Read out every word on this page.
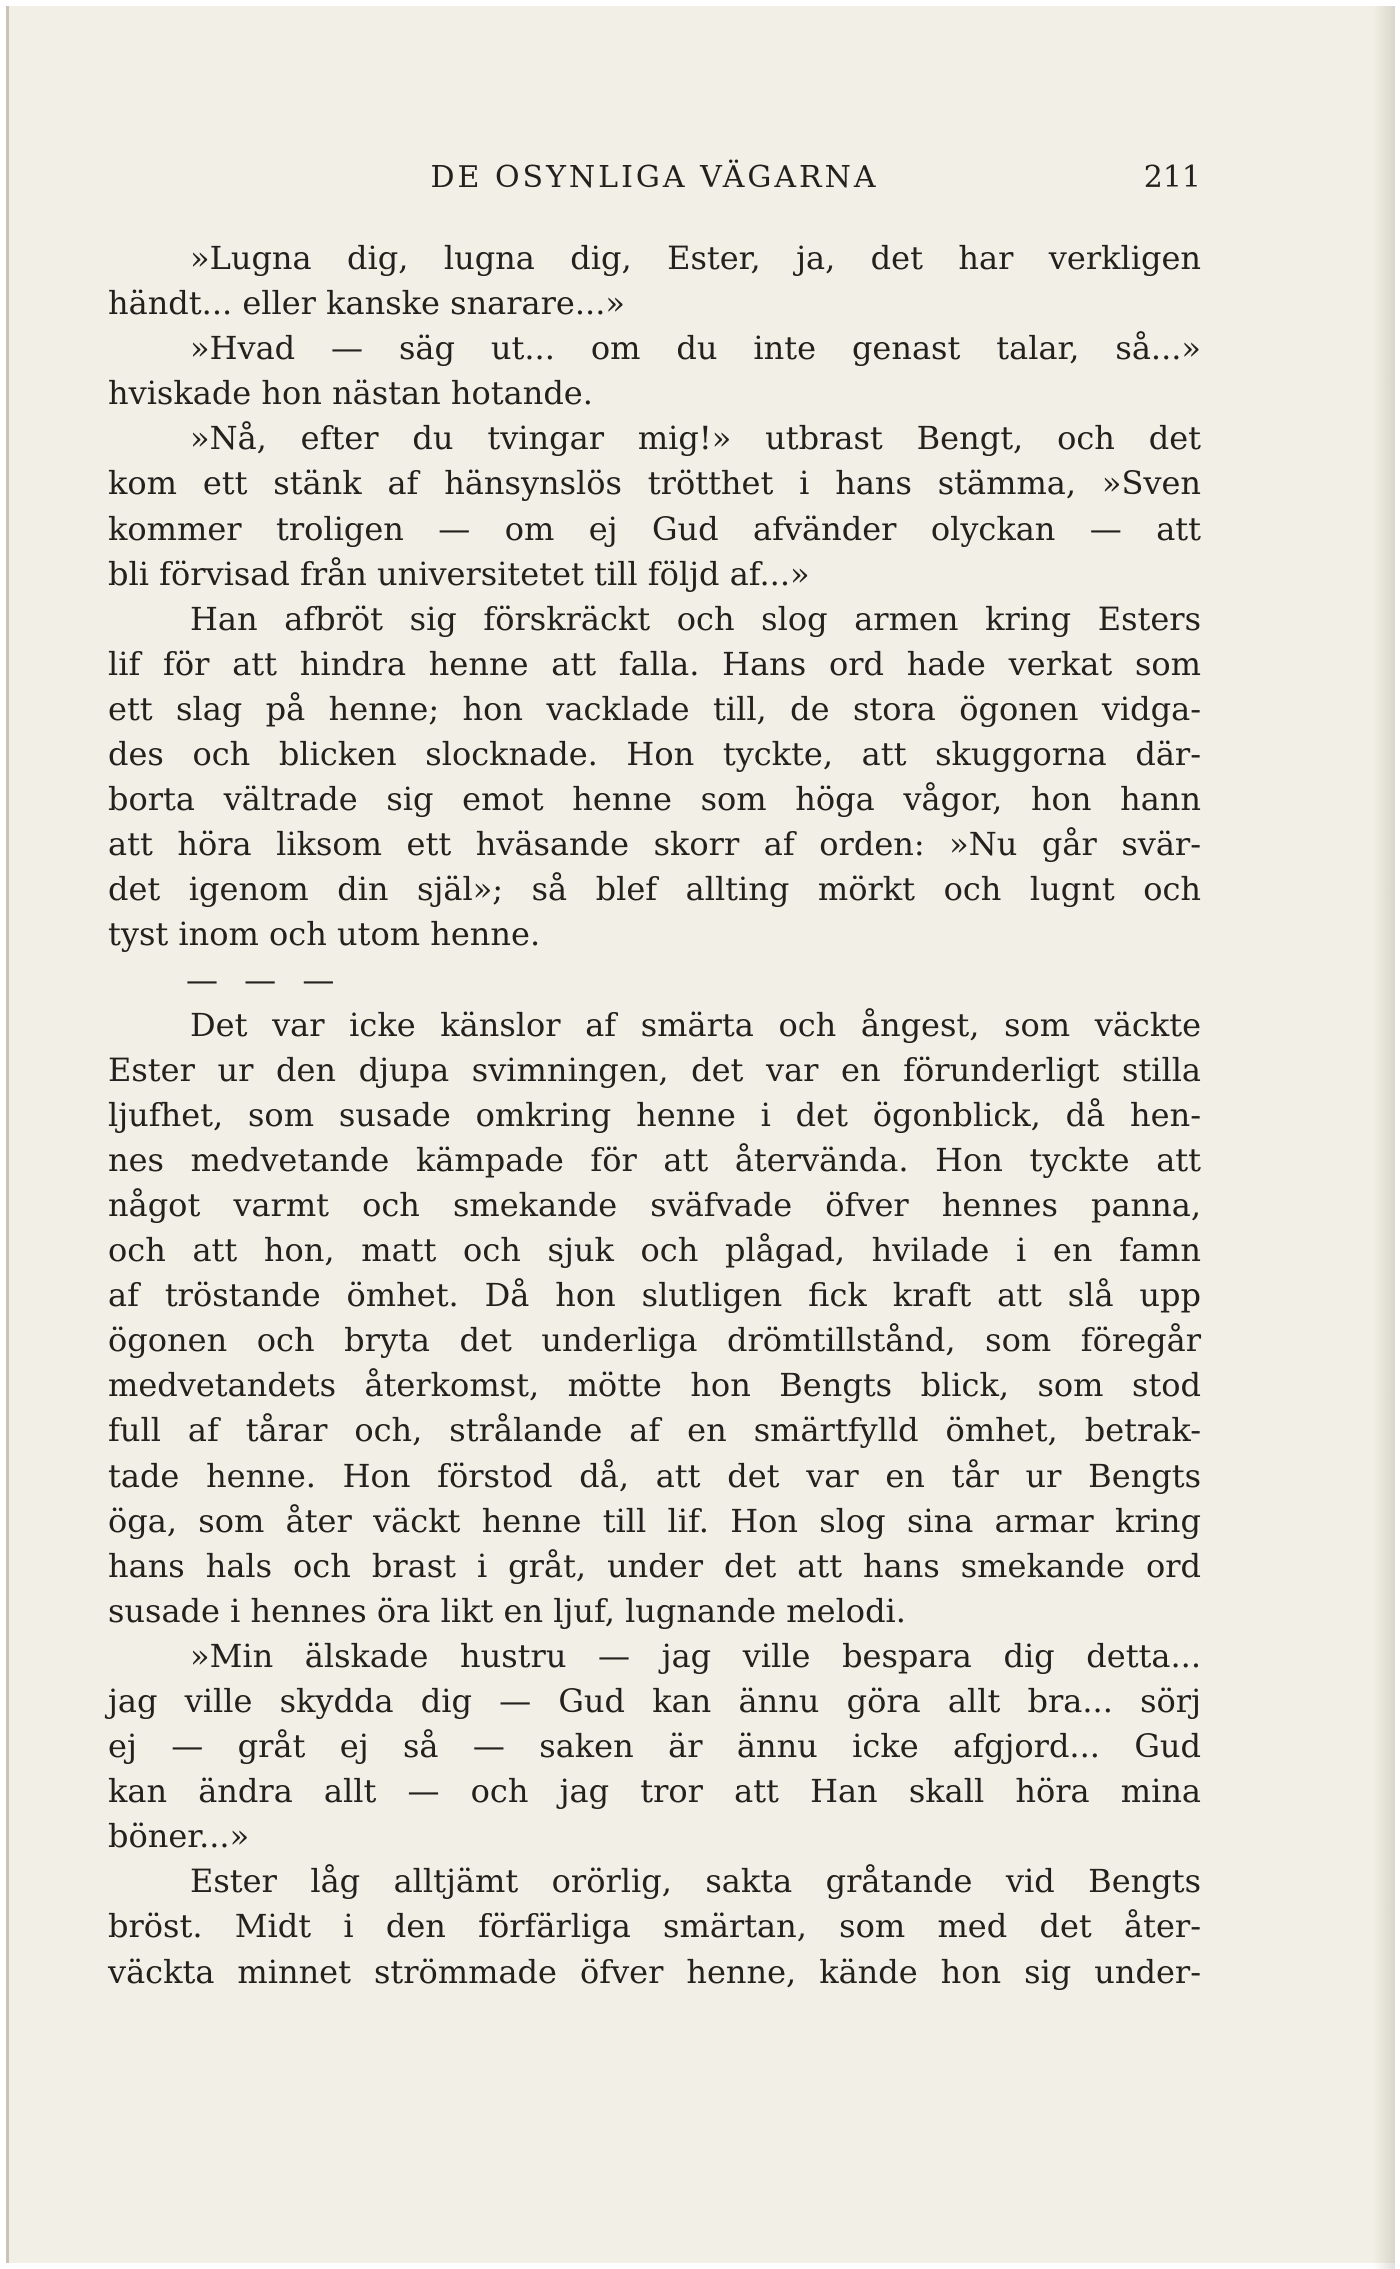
DE OSYNLIGA VÄGARNA	211
»Lugna dig, lugna dig, Ester, ja, det har verkligen
händt... eller kanske snarare...»
»Hvad — säg ut... om du inte genast talar, så...»
hviskade hon nästan hotande.
»Nå, efter du tvingar mig!» utbrast Bengt, och det
kom ett stänk af hänsynslös trötthet i hans stämma, »Sven
kommer troligen — om ej Gud afvänder olyckan — att
bli förvisad från universitetet till följd af...»
Han afbröt sig förskräckt och slog armen kring Esters
lif för att hindra henne att falla. Hans ord hade verkat som
ett slag på henne; hon vacklade till, de stora ögonen vidga-
des och blicken slocknade. Hon tyckte, att skuggorna där-
borta vältrade sig emot henne som höga vågor, hon hann
att höra liksom ett hväsande skorr af orden: »Nu går svär-
det igenom din själ»; så blef allting mörkt och lugnt och
tyst inom och utom henne.
— — —
Det var icke känslor af smärta och ångest, som väckte
Ester ur den djupa svimningen, det var en förunderligt stilla
ljufhet, som susade omkring henne i det ögonblick, då hen-
nes medvetande kämpade för att återvända. Hon tyckte att
något varmt och smekande sväfvade öfver hennes panna,
och att hon, matt och sjuk och plågad, hvilade i en famn
af tröstande ömhet. Då hon slutligen fick kraft att slå upp
ögonen och bryta det underliga drömtillstånd, som föregår
medvetandets återkomst, mötte hon Bengts blick, som stod
full af tårar och, strålande af en smärtfylld ömhet, betrak-
tade henne. Hon förstod då, att det var en tår ur Bengts
öga, som åter väckt henne till lif. Hon slog sina armar kring
hans hals och brast i gråt, under det att hans smekande ord
susade i hennes öra likt en ljuf, lugnande melodi.
»Min älskade hustru — jag ville bespara dig detta...
jag ville skydda dig — Gud kan ännu göra allt bra... sörj
ej — gråt ej så — saken är ännu icke afgjord... Gud
kan ändra allt — och jag tror att Han skall höra mina
böner...»
Ester låg alltjämt orörlig, sakta gråtande vid Bengts
bröst. Midt i den förfärliga smärtan, som med det åter-
väckta minnet strömmade öfver henne, kände hon sig under-
